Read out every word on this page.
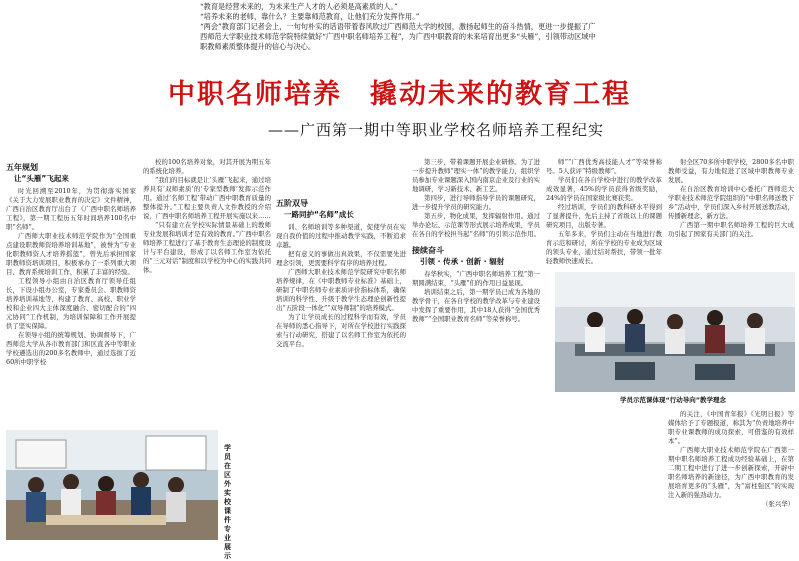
“教育是经营未来的，为未来生产人才的人必须是高素质的人。”

“培养未来的老师，靠什么？主要靠师范教育，让他们充分发挥作用。”

“两会”教育部门记者会上，一句句朴实的话语带着春风吹过广西师范大学的校园，激扬起师生的奋斗热情，更进一步提振了广西师范大学职业技术师范学院特续做好“广西中职名师培养工程”，为广西中职教育的未来培育出更多“头雁”，引领带动区域中职教师素质整体提升的信心与决心。

中职名师培养 撬动未来的教育工程
——广西第一期中等职业学校名师培养工程纪实
五年规划
让“头雁”飞起来

时光回溯至2010年，为贯彻落实国家《关于大力发展职业教育的决定》文件精神，广西自治区教育厅出台了《广西中职名师培养工程》，第一期工程历五年时间培养100名中职“名师”。

广西师大职业技术师范学院作为“全国重点建设职教师资培养培训基地”，被誉为“专业化职教师资人才培养摇篮”，曾先后承担国家职教师资培训项目，积极承办了一系列重大项目、教育系统培训工作，积累了丰富的经验。

工程领导小组由自治区教育厅领导任组长，下设小组办公室，专家委员会、职教师资培养培训基地等，构建了教育、高校、职业学校和企业四大主体深度融合、密切配合的“四元协同”工作机制，为培训保障和工作开展提供了坚实保障。

在领导小组的统筹规划、协调督导下，广西师范大学从各市教育部门和区直各中等职业学校遴选出的200多名教师中，通过选拔了近60所中职学校

校的100名培养对象，对其开展为期五年的系统化培养。

“我们的目标就是让‘头雁’飞起来，通过培养具有‘双师素质’的‘专家型教师’发挥示范作用。通过‘名师工程’带动广西中职教育质量的整体提升。”工程主要负责人文件教授的介绍说，广西中职名师培养工程开展实施以来……

“只有建立在学校实际情景基础上的教师专业发展和培训才是有效的教育。”广西中职名师培养工程进行了基于教育生态理论的制度设计与平台建设，形成了以名师工作室为依托的“三元对话”制度和以学校为中心的实践共同体。

学员在区外实校课件专业展示
五阶双导
一路同护“名师”成长

训、名师培训等多种渠道，促使学员在实现自我价值的过程中推动教学实践，不断追求卓越。

把有意义的事做出真效果，不仅需要先进理念引领，更需要科学有序的培养过程。

广西师大职业技术师范学院研究中职名师培养规律，在《中职教师专业标准》基础上，研制了中职名师专业素质评价指标体系，确保培训的科学性、升级于教学生态理论创新性提出“五阶段一体化”“双导师制”的培养模式。

为了让学员成长的过程科学而有效，学员在导师的悉心指导下，对所在学校进行实践探索与行动研究，搭建了以名师工作室为依托的交流平台。

第三步，带着课题开展企业研修。为了进一步提升教师“理实一体”的教学能力，组织学员参加专业课题深入国内南京企业及行业的实地调研，学习新技术、新工艺。

第四步，进行导师指导学员的课题研究，进一步提升学员的研究能力。

第五步，物化成果，发挥辐射作用。通过举办论坛、示范课等形式展示培养成果，学员在各自的学校担当起“名师”的引领示范作用。

接续奋斗
引领 · 传承 · 创新 · 辐射

春华秋实，“广西中职名师培养工程”第一期圆满结束，“头雁”们的作用日益显现。

培训结束之后，第一期学员已成为各地的教学骨干，在各自学校的教学改革与专业建设中发挥了重要作用，其中18人获得“全国优秀教师”“全国职业教育名师”等荣誉称号。

师”“广西优秀高技能人才”等荣誉称号。5人获评“特级教师”。

学员们在各自学校中进行的教学改革成效显著，45%的学员获得省级奖励，24%的学员在国家级比赛获奖。

经过培训，学员们的教科研水平得到了显著提升，先后主持了省级以上的课题研究项目，出版专著。

五年多来，学员们主动在当地进行教育示范和研讨，所在学校的专业成为区域的领头专业，通过结对帮扶，带领一批年轻教师快速成长。

射全区70多所中职学校，2800多名中职教师受益，有力地促进了区域中职教师专业发展。

在自治区教育培训中心委托广西师范大学职业技术师范学院组织的“中职名师送教下乡”活动中，学员们深入乡村开展送教活动，传播新理念、新方法。

广西第一期中职名师培养工程的巨大成功引起了国家有关部门的关注。

学员示范课体现“行动导向”教学理念

的关注，《中国青年报》《光明日报》等媒体给予了专题报道，称其为“负责地培养中职专业课教师的成功探索，可借鉴的有效样本”。

广西师大职业技术师范学院在广西第一期中职名师培养工程成功经验基础上，在第二期工程中进行了进一步创新探索，开辟中职名师培养的新途径，为广西中职教育的发展培育更多的“头雁”，为“富柱强区”的实现注入新的强劲动力。

（张兴华）
